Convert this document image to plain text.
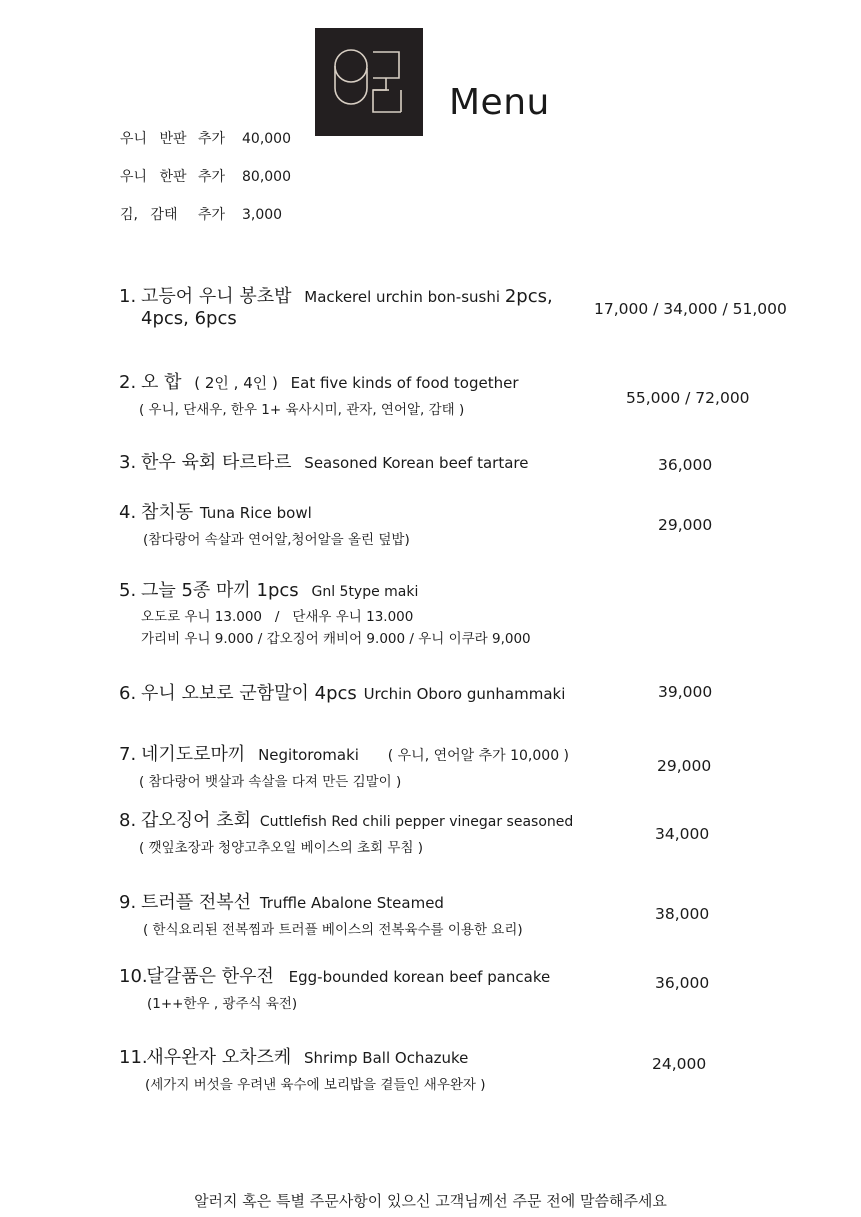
Menu
우니 반판 추가	40,000
우니 한판 추가	80,000
김, 감태	추가	3,000
1. 고등어 우니 봉초밥 Mackerel urchin bon-sushi 2pcs,
4pcs, 6pcs	17,000 / 34,000 / 51,000
2. 오 합 ( 2인 , 4인 ) Eat five kinds of food together
( 우니, 단새우, 한우 1+ 육사시미, 관자, 연어알, 감태 )
55,000 / 72,000
3. 한우 육회 타르타르 Seasoned Korean beef tartare	36,000
4. 참치동 Tuna Rice bowl
(참다랑어 속살과 연어알,청어알을 올린 덮밥)
29,000
5. 그늘 5종 마끼 1pcs Gnl 5type maki
오도로 우니 13.000   /   단새우 우니 13.000
가리비 우니 9.000 / 갑오징어 캐비어 9.000 / 우니 이쿠라 9,000
6. 우니 오보로 군함말이 4pcs Urchin Oboro gunhammaki	39,000
7. 네기도로마끼 Negitoromaki ( 우니, 연어알 추가 10,000 )
( 참다랑어 뱃살과 속살을 다져 만든 김말이 )
29,000
8. 갑오징어 초회 Cuttlefish Red chili pepper vinegar seasoned
( 깻잎초장과 청양고추오일 베이스의 초회 무침 )
34,000
9. 트러플 전복선 Truffle Abalone Steamed
( 한식요리된 전복찜과 트러플 베이스의 전복육수를 이용한 요리)
38,000
10. 달갈품은 한우전 Egg-bounded korean beef pancake
(1++한우 , 광주식 육전)
36,000
11. 새우완자 오차즈케 Shrimp Ball Ochazuke
(세가지 버섯을 우려낸 육수에 보리밥을 곁들인 새우완자 )
24,000
알러지 혹은 특별 주문사항이 있으신 고객님께선 주문 전에 말씀해주세요
